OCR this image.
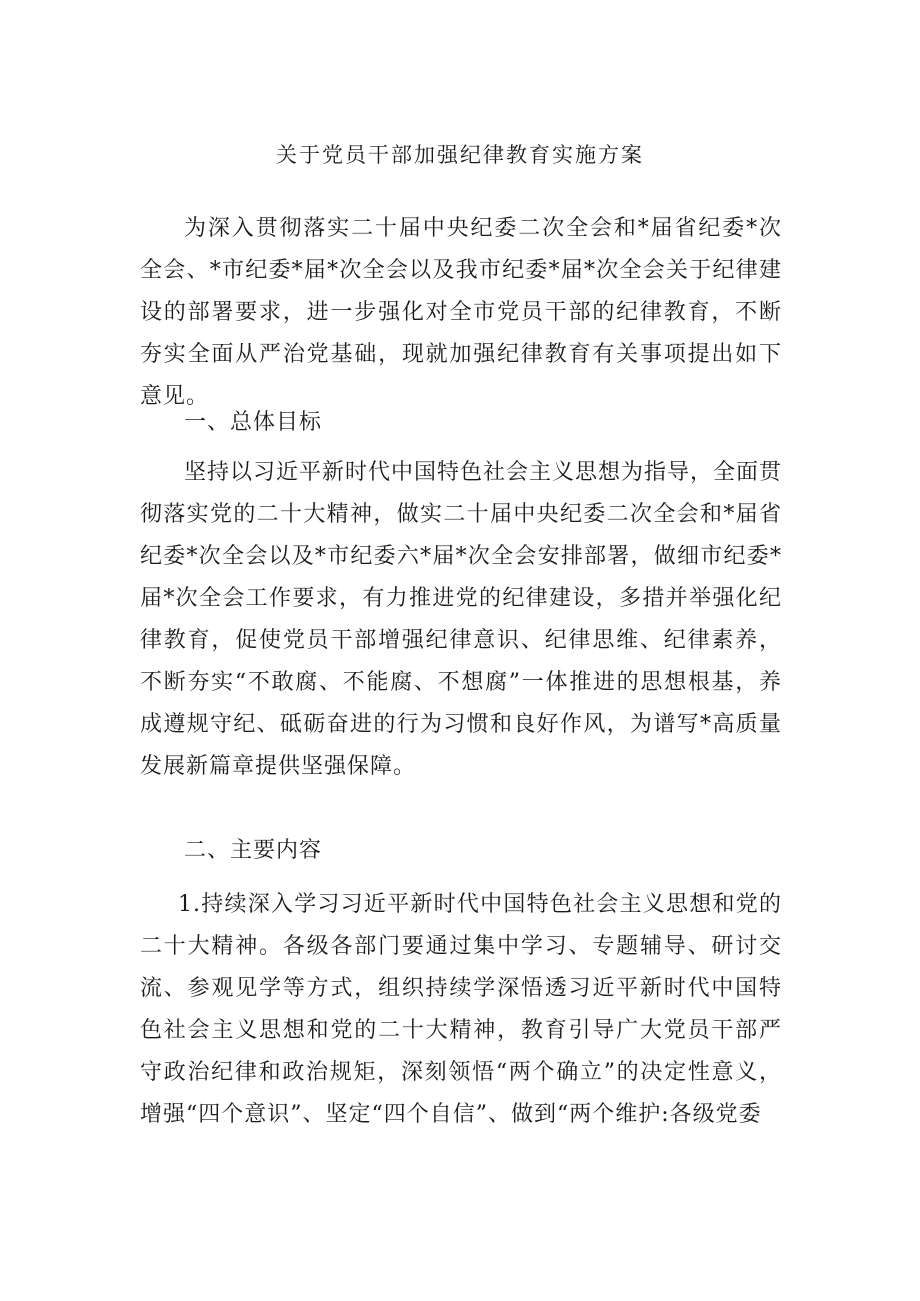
关于党员干部加强纪律教育实施方案

为深入贯彻落实二十届中央纪委二次全会和*届省纪委*次全会、*市纪委*届*次全会以及我市纪委*届*次全会关于纪律建设的部署要求，进一步强化对全市党员干部的纪律教育，不断夯实全面从严治党基础，现就加强纪律教育有关事项提出如下意见。

一、总体目标

坚持以习近平新时代中国特色社会主义思想为指导，全面贯彻落实党的二十大精神，做实二十届中央纪委二次全会和*届省纪委*次全会以及*市纪委六*届*次全会安排部署，做细市纪委*届*次全会工作要求，有力推进党的纪律建设，多措并举强化纪律教育，促使党员干部增强纪律意识、纪律思维、纪律素养，不断夯实“不敢腐、不能腐、不想腐”一体推进的思想根基，养成遵规守纪、砥砺奋进的行为习惯和良好作风，为谱写*高质量发展新篇章提供坚强保障。

二、主要内容

1.持续深入学习习近平新时代中国特色社会主义思想和党的二十大精神。各级各部门要通过集中学习、专题辅导、研讨交流、参观见学等方式，组织持续学深悟透习近平新时代中国特色社会主义思想和党的二十大精神，教育引导广大党员干部严守政治纪律和政治规矩，深刻领悟“两个确立”的决定性意义，增强“四个意识”、坚定“四个自信”、做到“两个维护:各级党委
